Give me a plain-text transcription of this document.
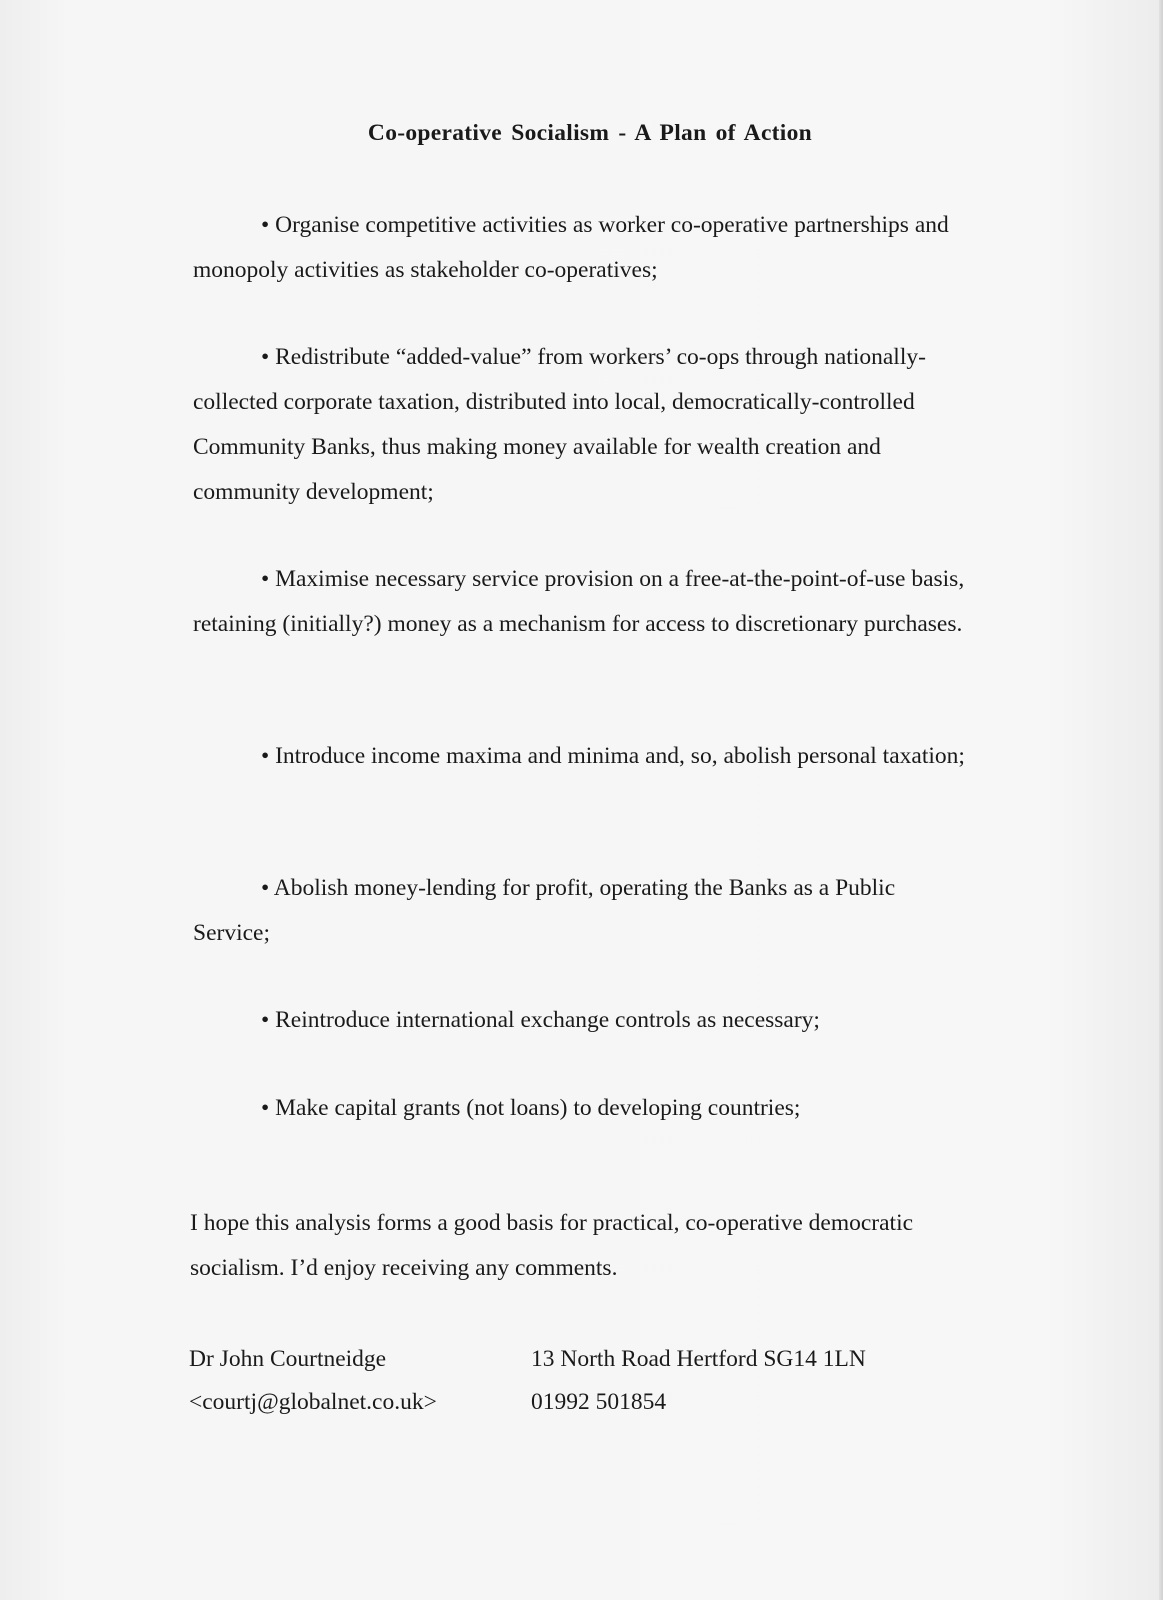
Co-operative Socialism - A Plan of Action

• Organise competitive activities as worker co-operative partnerships and monopoly activities as stakeholder co-operatives;

• Redistribute “added-value” from workers’ co-ops through nationally-collected corporate taxation, distributed into local, democratically-controlled Community Banks, thus making money available for wealth creation and community development;

• Maximise necessary service provision on a free-at-the-point-of-use basis, retaining (initially?) money as a mechanism for access to discretionary purchases.

• Introduce income maxima and minima and, so, abolish personal taxation;

• Abolish money-lending for profit, operating the Banks as a Public Service;

• Reintroduce international exchange controls as necessary;

• Make capital grants (not loans) to developing countries;

I hope this analysis forms a good basis for practical, co-operative democratic socialism. I’d enjoy receiving any comments.
Dr John Courtneidge
<courtj@globalnet.co.uk>
13 North Road Hertford SG14 1LN
01992 501854
